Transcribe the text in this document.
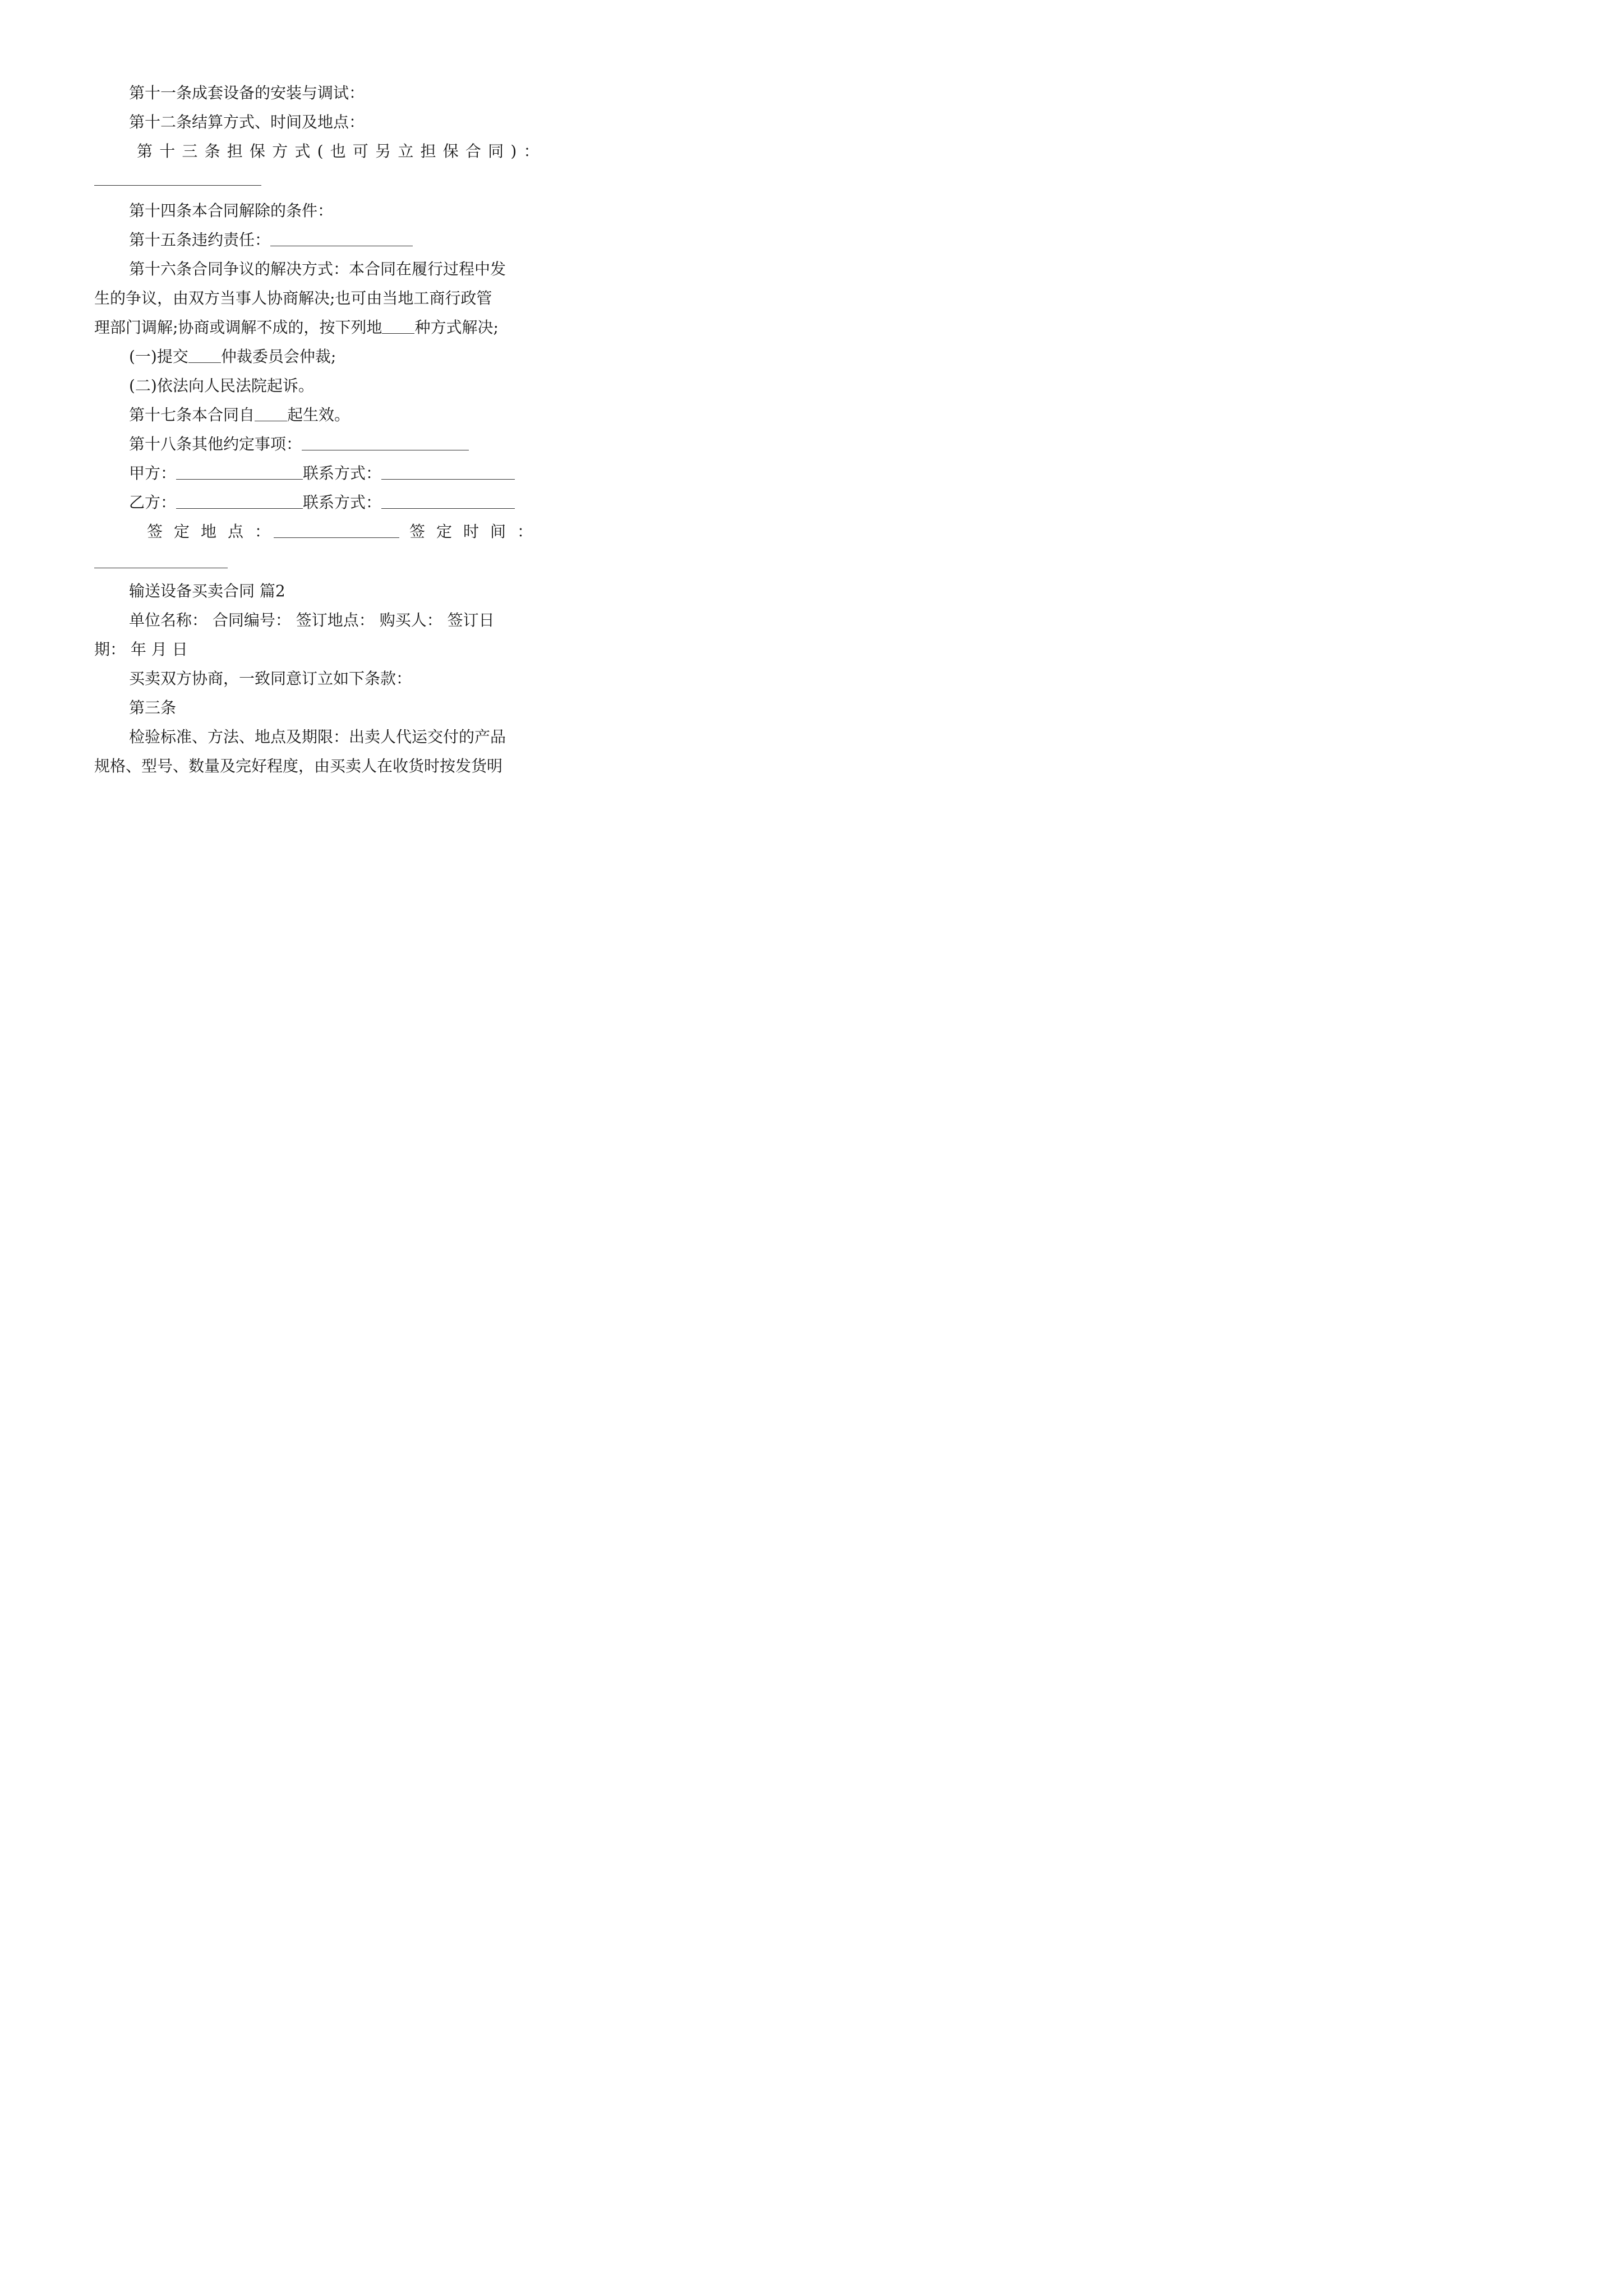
第十一条成套设备的安装与调试：
第十二条结算方式、时间及地点：
第十三条担保方式(也可另立担保合同)：
第十四条本合同解除的条件：
第十五条违约责任：
第十六条合同争议的解决方式：本合同在履行过程中发
生的争议，由双方当事人协商解决;也可由当地工商行政管
理部门调解;协商或调解不成的，按下列地 种方式解决;
(一)提交 仲裁委员会仲裁;
(二)依法向人民法院起诉。
第十七条本合同自 起生效。
第十八条其他约定事项：
甲方：	联系方式：
乙方：	联系方式：
签定地点：	签定时间：
输送设备买卖合同 篇2
单位名称： 合同编号： 签订地点： 购买人： 签订日
期： 年 月 日
买卖双方协商，一致同意订立如下条款：
第三条
检验标准、方法、地点及期限：出卖人代运交付的产品
规格、型号、数量及完好程度，由买卖人在收货时按发货明
